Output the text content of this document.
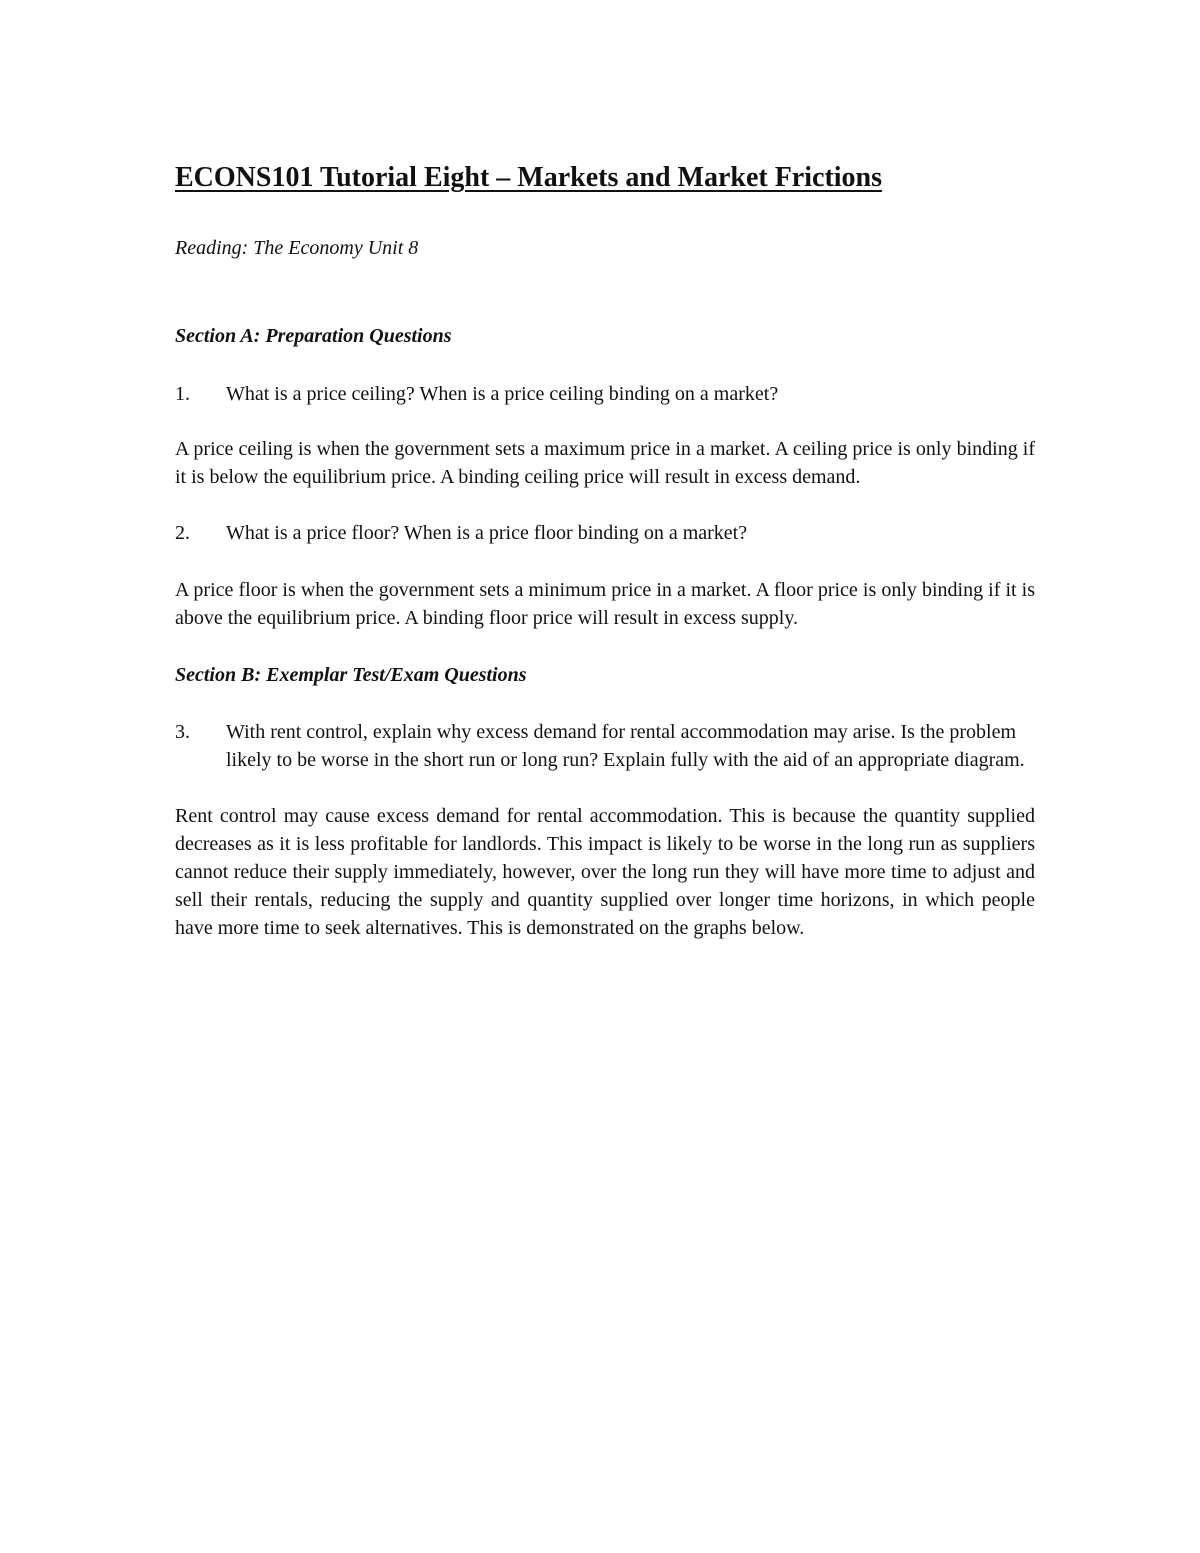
ECONS101 Tutorial Eight – Markets and Market Frictions

Reading: The Economy Unit 8

Section A: Preparation Questions

1.	What is a price ceiling? When is a price ceiling binding on a market?

A price ceiling is when the government sets a maximum price in a market. A ceiling price is only binding if it is below the equilibrium price. A binding ceiling price will result in excess demand.

2.	What is a price floor? When is a price floor binding on a market?

A price floor is when the government sets a minimum price in a market. A floor price is only binding if it is above the equilibrium price. A binding floor price will result in excess supply.

Section B: Exemplar Test/Exam Questions

3.	With rent control, explain why excess demand for rental accommodation may arise. Is the problem likely to be worse in the short run or long run? Explain fully with the aid of an appropriate diagram.

Rent control may cause excess demand for rental accommodation. This is because the quantity supplied decreases as it is less profitable for landlords. This impact is likely to be worse in the long run as suppliers cannot reduce their supply immediately, however, over the long run they will have more time to adjust and sell their rentals, reducing the supply and quantity supplied over longer time horizons, in which people have more time to seek alternatives. This is demonstrated on the graphs below.
